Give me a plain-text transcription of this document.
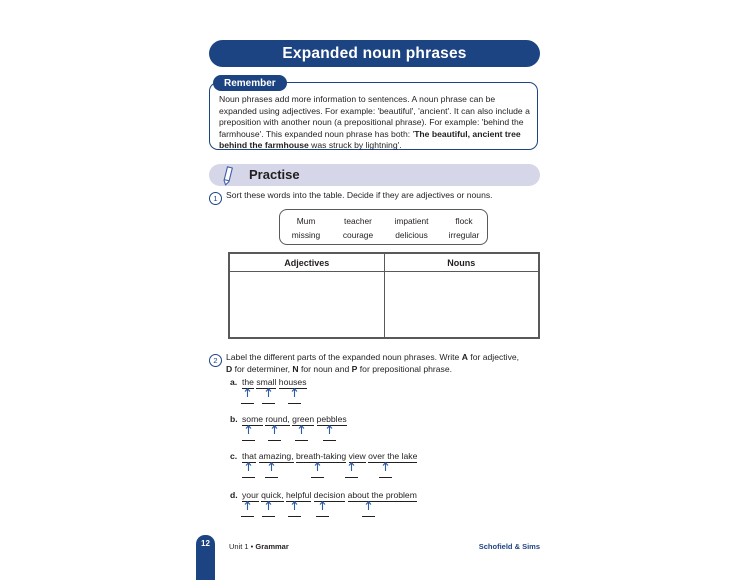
Expanded noun phrases
Remember
Noun phrases add more information to sentences. A noun phrase can be expanded using adjectives. For example: 'beautiful', 'ancient'. It can also include a preposition with another noun (a prepositional phrase). For example: 'behind the farmhouse'. This expanded noun phrase has both: 'The beautiful, ancient tree behind the farmhouse was struck by lightning'.
Practise
1 Sort these words into the table. Decide if they are adjectives or nouns.
Mum	teacher	impatient	flock
missing	courage	delicious	irregular
Adjectives	Nouns

2 Label the different parts of the expanded noun phrases. Write A for adjective,
D for determiner, N for noun and P for prepositional phrase.
a. the small houses
b. some round, green pebbles
c. that amazing, breath-taking view over the lake
d. your quick, helpful decision about the problem
12	Unit 1 • Grammar	Schofield & Sims
